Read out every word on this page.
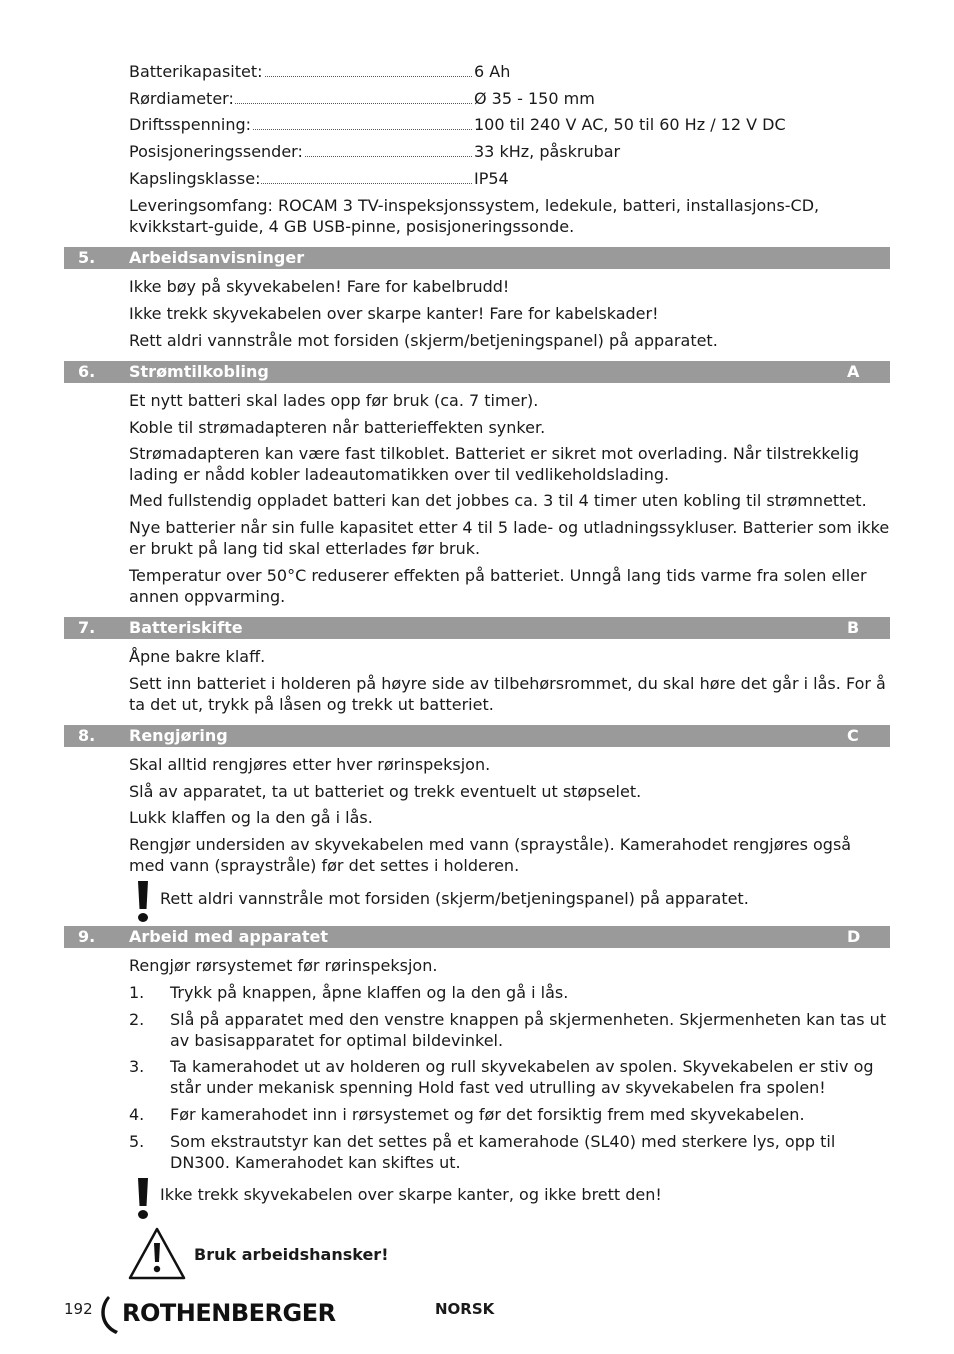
Batterikapasitet:	6 Ah
Rørdiameter:	Ø 35 - 150 mm
Driftsspenning:	100 til 240 V AC, 50 til 60 Hz / 12 V DC
Posisjoneringssender:	33 kHz, påskrubar
Kapslingsklasse:	IP54
Leveringsomfang: ROCAM 3 TV-inspeksjonssystem, ledekule, batteri, installasjons-CD, kvikkstart-guide, 4 GB USB-pinne, posisjoneringssonde.
5. Arbeidsanvisninger
Ikke bøy på skyvekabelen! Fare for kabelbrudd!
Ikke trekk skyvekabelen over skarpe kanter! Fare for kabelskader!
Rett aldri vannstråle mot forsiden (skjerm/betjeningspanel) på apparatet.
6. Strømtilkobling	A
Et nytt batteri skal lades opp før bruk (ca. 7 timer).
Koble til strømadapteren når batterieffekten synker.
Strømadapteren kan være fast tilkoblet. Batteriet er sikret mot overlading. Når tilstrekkelig lading er nådd kobler ladeautomatikken over til vedlikeholdslading.
Med fullstendig oppladet batteri kan det jobbes ca. 3 til 4 timer uten kobling til strømnettet.
Nye batterier når sin fulle kapasitet etter 4 til 5 lade- og utladningssykluser. Batterier som ikke er brukt på lang tid skal etterlades før bruk.
Temperatur over 50°C reduserer effekten på batteriet. Unngå lang tids varme fra solen eller annen oppvarming.
7. Batteriskifte	B
Åpne bakre klaff.
Sett inn batteriet i holderen på høyre side av tilbehørsrommet, du skal høre det går i lås. For å ta det ut, trykk på låsen og trekk ut batteriet.
8. Rengjøring	C
Skal alltid rengjøres etter hver rørinspeksjon.
Slå av apparatet, ta ut batteriet og trekk eventuelt ut støpselet.
Lukk klaffen og la den gå i lås.
Rengjør undersiden av skyvekabelen med vann (sprayståle). Kamerahodet rengjøres også med vann (spraystråle) før det settes i holderen.
Rett aldri vannstråle mot forsiden (skjerm/betjeningspanel) på apparatet.
9. Arbeid med apparatet	D
Rengjør rørsystemet før rørinspeksjon.
1. Trykk på knappen, åpne klaffen og la den gå i lås.
2. Slå på apparatet med den venstre knappen på skjermenheten. Skjermenheten kan tas ut av basisapparatet for optimal bildevinkel.
3. Ta kamerahodet ut av holderen og rull skyvekabelen av spolen. Skyvekabelen er stiv og står under mekanisk spenning Hold fast ved utrulling av skyvekabelen fra spolen!
4. Før kamerahodet inn i rørsystemet og før det forsiktig frem med skyvekabelen.
5. Som ekstrautstyr kan det settes på et kamerahode (SL40) med sterkere lys, opp til DN300. Kamerahodet kan skiftes ut.
Ikke trekk skyvekabelen over skarpe kanter, og ikke brett den!
Bruk arbeidshansker!
192 ROTHENBERGER	NORSK
